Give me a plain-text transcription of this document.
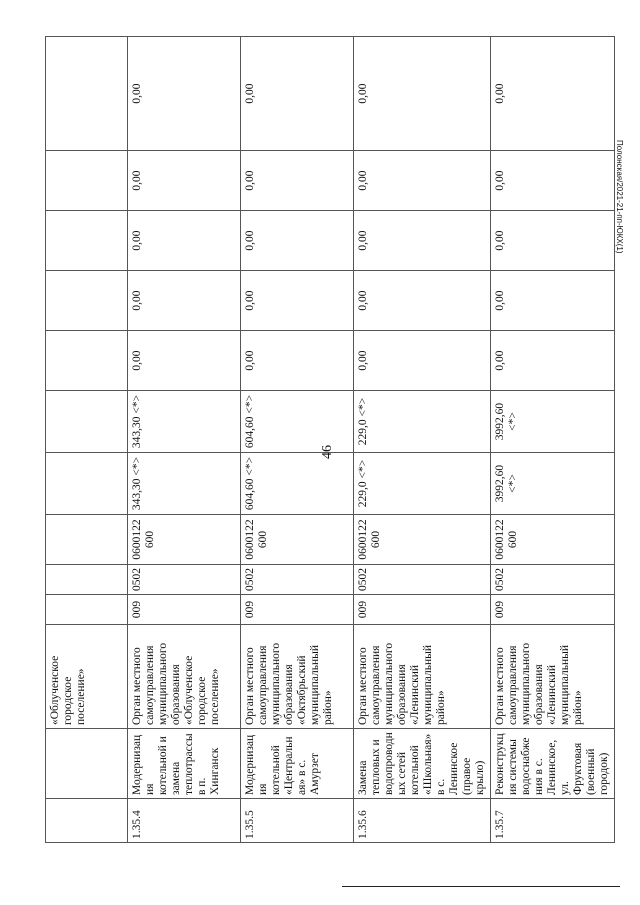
46
Полонская/2021-21-пп-ЮКХ(1)
		«Облученское городское поселение»										
1.35.4	Модернизация котельной и замена теплотрассы в п. Хинганск	Орган местного самоуправления муниципального образования «Облученское городское поселение»	009	0502	0600122600	343,30 <*>	343,30 <*>	0,00	0,00	0,00	0,00	0,00
1.35.5	Модернизация котельной «Центральная» в с. Амурзет	Орган местного самоуправления муниципального образования «Октябрьский муниципальный район»	009	0502	0600122600	604,60 <*>	604,60 <*>	0,00	0,00	0,00	0,00	0,00
1.35.6	Замена тепловых и водопроводных сетей котельной «Школьная» в с. Ленинское (правое крыло)	Орган местного самоуправления муниципального образования «Ленинский муниципальный район»	009	0502	0600122600	229,0 <*>	229,0 <*>	0,00	0,00	0,00	0,00	0,00
1.35.7	Реконструкция системы водоснабжения в с. Ленинское, ул. Фруктовая (военный городок)	Орган местного самоуправления муниципального образования «Ленинский муниципальный район»	009	0502	0600122600	3992,60 <*>	3992,60 <*>	0,00	0,00	0,00	0,00	0,00
